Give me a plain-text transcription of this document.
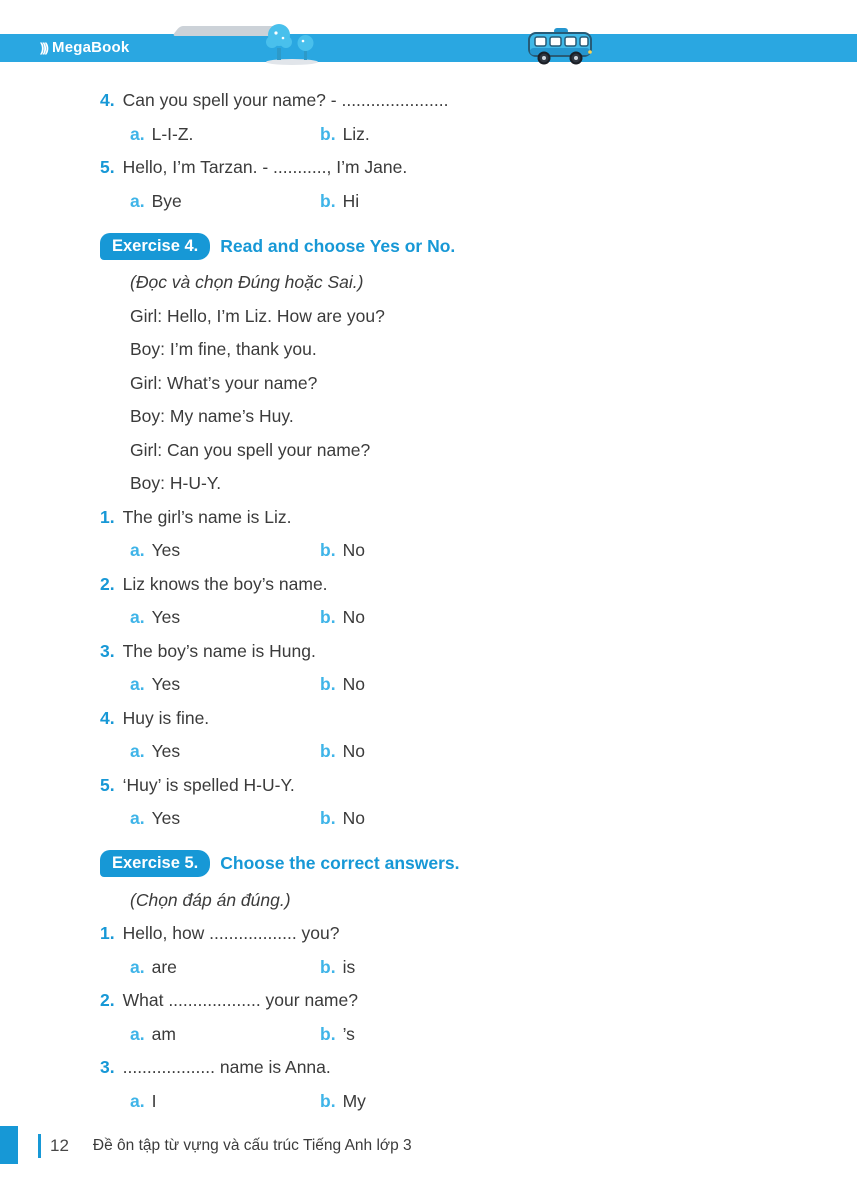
))) MegaBook
4. Can you spell your name? - ......................
a. L-I-Z.	b. Liz.
5. Hello, I’m Tarzan. - ..........., I’m Jane.
a. Bye	b. Hi
Exercise 4.	Read and choose Yes or No.
(Đọc và chọn Đúng hoặc Sai.)
Girl: Hello, I’m Liz. How are you?
Boy: I’m fine, thank you.
Girl: What’s your name?
Boy: My name’s Huy.
Girl: Can you spell your name?
Boy: H-U-Y.
1. The girl’s name is Liz.
a. Yes	b. No
2. Liz knows the boy’s name.
a. Yes	b. No
3. The boy’s name is Hung.
a. Yes	b. No
4. Huy is fine.
a. Yes	b. No
5. ‘Huy’ is spelled H-U-Y.
a. Yes	b. No
Exercise 5.	Choose the correct answers.
(Chọn đáp án đúng.)
1. Hello, how .................. you?
a. are	b. is
2. What ................... your name?
a. am	b. ’s
3. ................... name is Anna.
a. I	b. My
12 Đề ôn tập từ vựng và cấu trúc Tiếng Anh lớp 3
